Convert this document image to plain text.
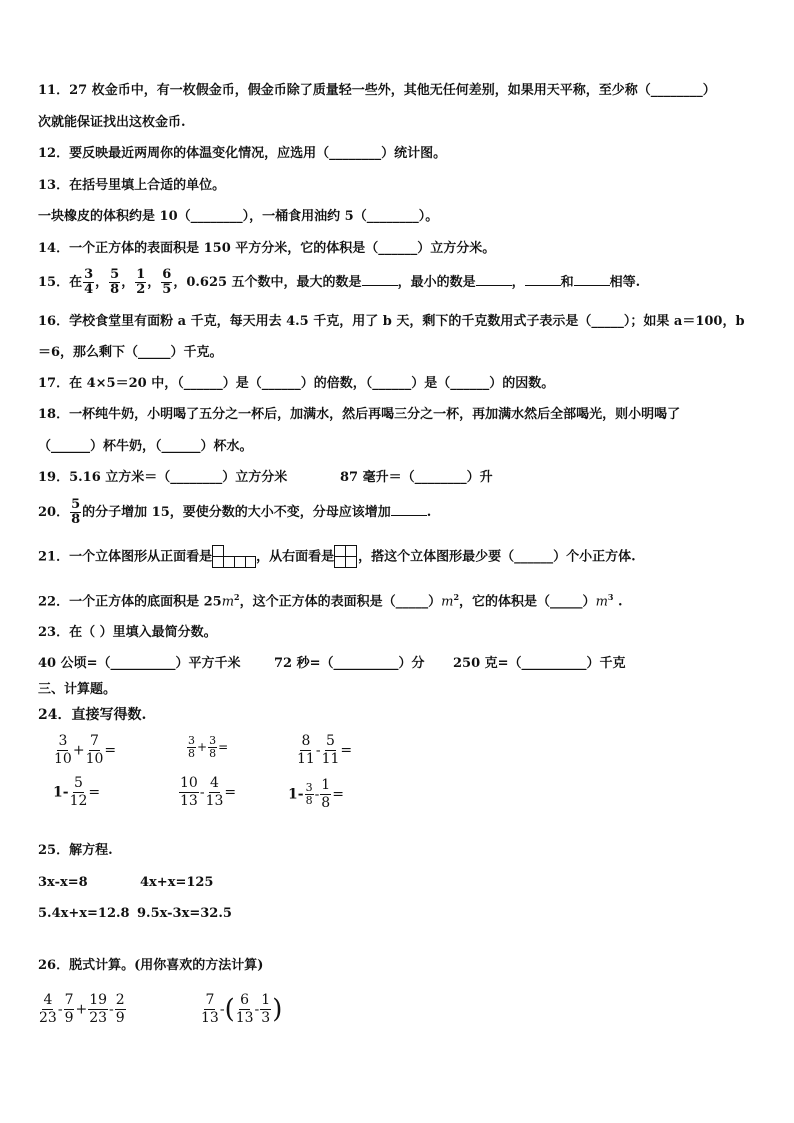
11．27 枚金币中，有一枚假金币，假金币除了质量轻一些外，其他无任何差别，如果用天平称，至少称（________）
次就能保证找出这枚金币.
12．要反映最近两周你的体温变化情况，应选用（________）统计图。
13．在括号里填上合适的单位。
一块橡皮的体积约是 10（________），一桶食用油约 5（________）。
14．一个正方体的表面积是 150 平方分米，它的体积是（______）立方分米。
15．在 $\frac{3}{4}$ ， $\frac{5}{8}$ ， $\frac{1}{2}$ ， $\frac{6}{5}$ ，0.625 五个数中，最大的数是	，最小的数是	，	和	相等.
16．学校食堂里有面粉 a 千克，每天用去 4.5 千克，用了 b 天，剩下的千克数用式子表示是（_____）；如果 a＝100，b
＝6，那么剩下（_____）千克。
17．在 4×5＝20 中，（______）是（______）的倍数，（______）是（______）的因数。
18．一杯纯牛奶，小明喝了五分之一杯后，加满水，然后再喝三分之一杯，再加满水然后全部喝光，则小明喝了
（______）杯牛奶，（______）杯水。
19．5.16 立方米＝（________）立方分米	87 毫升＝（________）升
20． $\frac{5}{8}$ 的分子增加 15，要使分数的大小不变，分母应该增加	.
21．一个立体图形从正面看是	，从右面看是 ，搭这个立体图形最少要（______）个小正方体.
22．一个正方体的底面积是 $25m^2$，这个正方体的表面积是$(\_\_\_\_\_)m^2$，它的体积是$(\_\_\_\_\_)m^3$ .
23．在（ ）里填入最简分数。
40 公顷=（__________）平方千米	72 秒=（__________）分 250 克=（__________）千克
三、计算题。
24．直接写得数.
$\frac{3}{10} + \frac{7}{10}$ =	$\frac{3}{8} + \frac{3}{8}$ =	$\frac{8}{11} - \frac{5}{11}$ =
$1- \frac{5}{12}$ =	$\frac{10}{13} - \frac{4}{13}$ =	$1- \frac{3}{8} - \frac{1}{8}$ =
25．解方程.
3x-x=8	4x+x=125
5.4x+x=12.8 9.5x-3x=32.5
26．脱式计算。(用你喜欢的方法计算)
$\frac{4}{23} - \frac{7}{9} + \frac{19}{23} - \frac{2}{9}$	$\frac{7}{13}$ -( $\frac{6}{13} - \frac{1}{3}$ )
